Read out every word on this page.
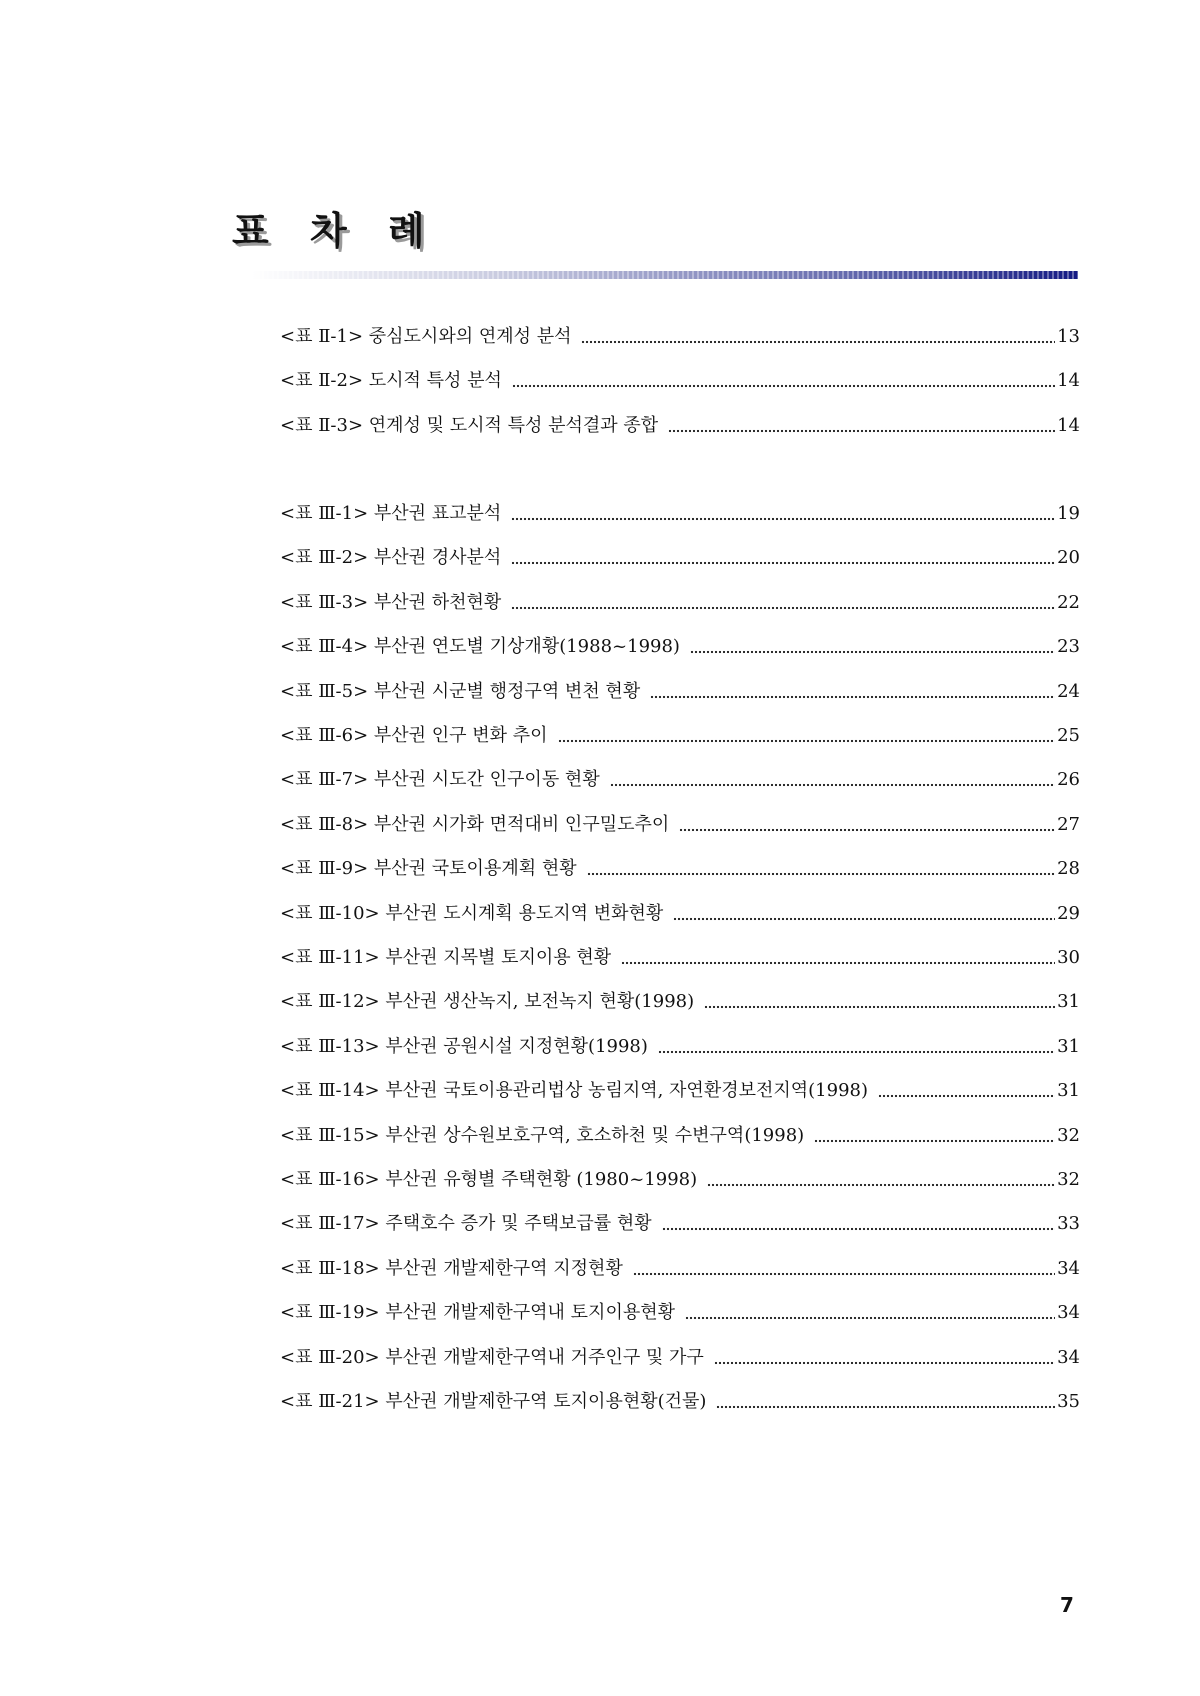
표 차 례
<표 Ⅱ-1> 중심도시와의 연계성 분석	13
<표 Ⅱ-2> 도시적 특성 분석	14
<표 Ⅱ-3> 연계성 및 도시적 특성 분석결과 종합	14
<표 Ⅲ-1> 부산권 표고분석	19
<표 Ⅲ-2> 부산권 경사분석	20
<표 Ⅲ-3> 부산권 하천현황	22
<표 Ⅲ-4> 부산권 연도별 기상개황(1988~1998)	23
<표 Ⅲ-5> 부산권 시군별 행정구역 변천 현황	24
<표 Ⅲ-6> 부산권 인구 변화 추이	25
<표 Ⅲ-7> 부산권 시도간 인구이동 현황	26
<표 Ⅲ-8> 부산권 시가화 면적대비 인구밀도추이	27
<표 Ⅲ-9> 부산권 국토이용계획 현황	28
<표 Ⅲ-10> 부산권 도시계획 용도지역 변화현황	29
<표 Ⅲ-11> 부산권 지목별 토지이용 현황	30
<표 Ⅲ-12> 부산권 생산녹지, 보전녹지 현황(1998)	31
<표 Ⅲ-13> 부산권 공원시설 지정현황(1998)	31
<표 Ⅲ-14> 부산권 국토이용관리법상 농림지역, 자연환경보전지역(1998)	31
<표 Ⅲ-15> 부산권 상수원보호구역, 호소하천 및 수변구역(1998)	32
<표 Ⅲ-16> 부산권 유형별 주택현황 (1980~1998)	32
<표 Ⅲ-17> 주택호수 증가 및 주택보급률 현황	33
<표 Ⅲ-18> 부산권 개발제한구역 지정현황	34
<표 Ⅲ-19> 부산권 개발제한구역내 토지이용현황	34
<표 Ⅲ-20> 부산권 개발제한구역내 거주인구 및 가구	34
<표 Ⅲ-21> 부산권 개발제한구역 토지이용현황(건물)	35
7
